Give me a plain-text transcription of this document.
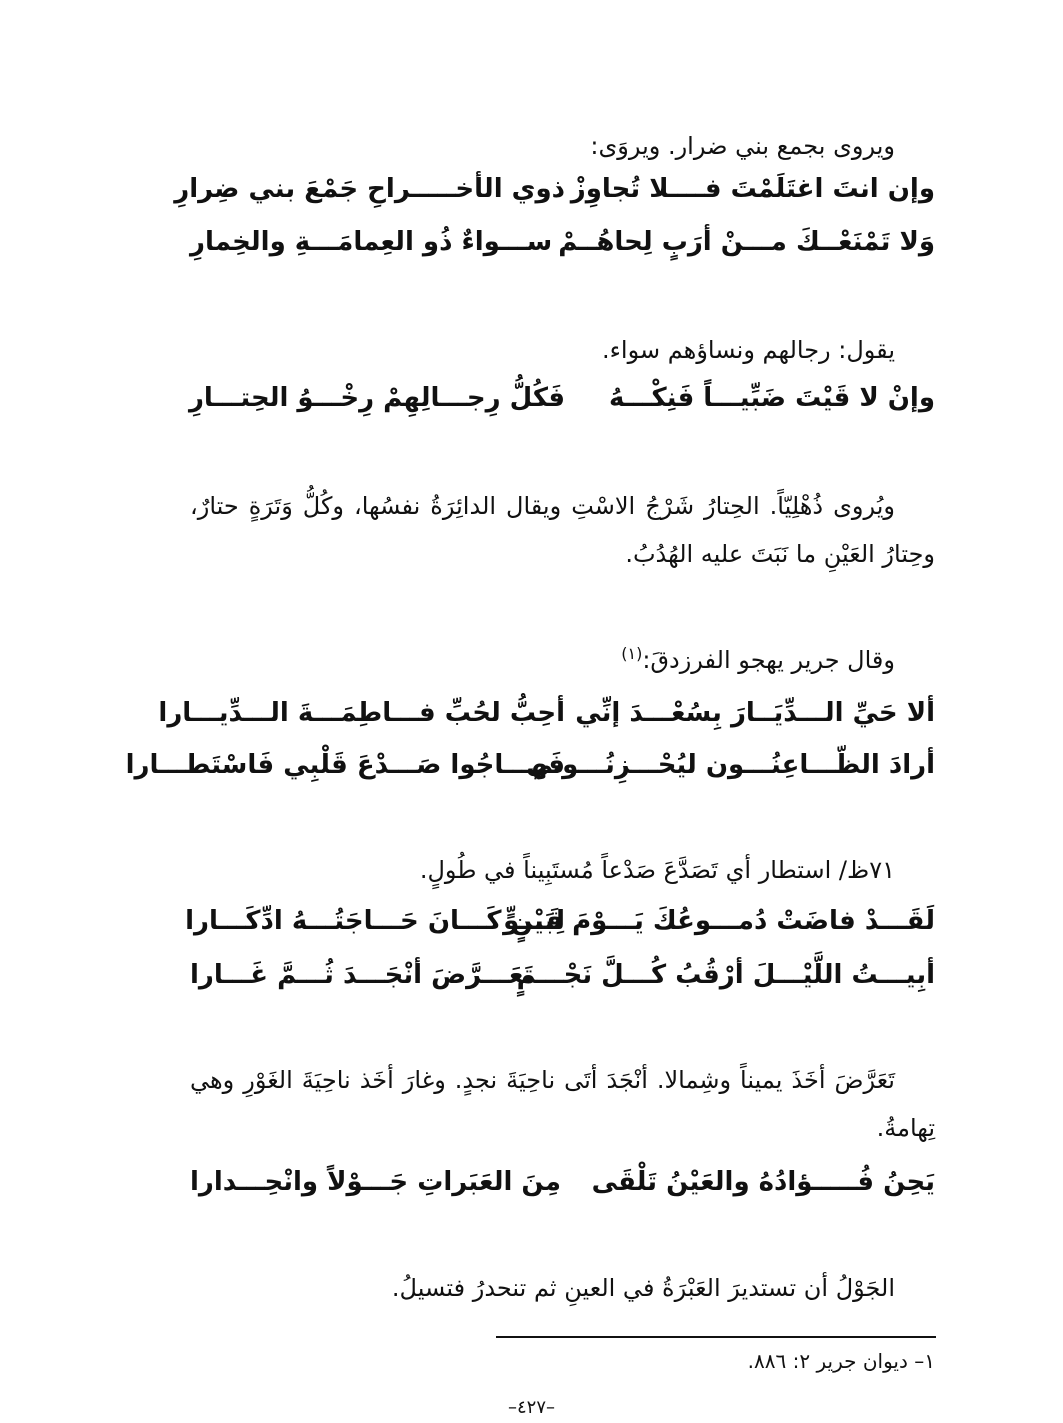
ويروى بجمع بني ضرار. ويروَى:

وإن انتَ اغتَلَمْتَ فــــلا تُجاوِزْ
ذوي الأخـــــراحِ جَمْعَ بني ضِرارِ
وَلا تَمْنَعْــكَ مـــنْ أرَبٍ لِحاهُــمْ
ســـواءٌ ذُو العِمامَـــةِ والخِمارِ

يقول: رجالهم ونساؤهم سواء.

وإنْ لا قَيْتَ ضَبِّيـــاً فَنِكْـــهُ
فَكُلُّ رِجـــالِهِمْ رِخْـــوُ الحِتـــارِ

ويُروى ذُهْلِيّاً. الحِتارُ شَرْجُ الاسْتِ ويقال الدائِرَةُ نفسُها، وكُلُّ وَتَرَةٍ حتارٌ، وحِتارُ العَيْنِ ما نَبَتَ عليه الهُدُبُ.

وقال جرير يهجو الفرزدقَ:$^{(١)}$

ألا حَيِّ الـــدِّيَــارَ بِسُعْـــدَ إنِّي
أحِبُّ لحُبِّ فـــاطِمَـــةَ الـــدِّيـــارا
أرادَ الظّـــاعِنُـــون ليُحْـــزِنُـــوني
فَهـــاجُوا صَـــدْعَ قَلْبِي فَاسْتَطـــارا

٧١ظ/ استطار أي تَصَدَّعَ صَدْعاً مُستَبِيناً في طُولٍ.

لَقَـــدْ فاضَتْ دُمـــوعُكَ يَـــوْمَ قَـــوٍّ
لِبَيْنٍ كَـــانَ حَـــاجَتُـــهُ ادِّكَـــارا
أبِيـــتُ اللَّيْـــلَ أرْقُبُ كُـــلَّ نَجْـــمٍ
تَعَـــرَّضَ أنْجَـــدَ ثُـــمَّ غَـــارا

تَعَرَّضَ أخَذَ يميناً وشِمالا. أنْجَدَ أتَى ناحِيَةَ نجدٍ. وغارَ أخَذ ناحِيَةَ الغَوْرِ وهي تِهامةُ.

يَحِنُ فُـــــؤادُهُ والعَيْنُ تَلْقَى
مِنَ العَبَراتِ جَـــوْلاً وانْحِـــدارا

الجَوْلُ أن تستديرَ العَبْرَةُ في العينِ ثم تنحدرُ فتسيلُ.

١– ديوان جرير ٢: ٨٨٦.
–٤٢٧–
